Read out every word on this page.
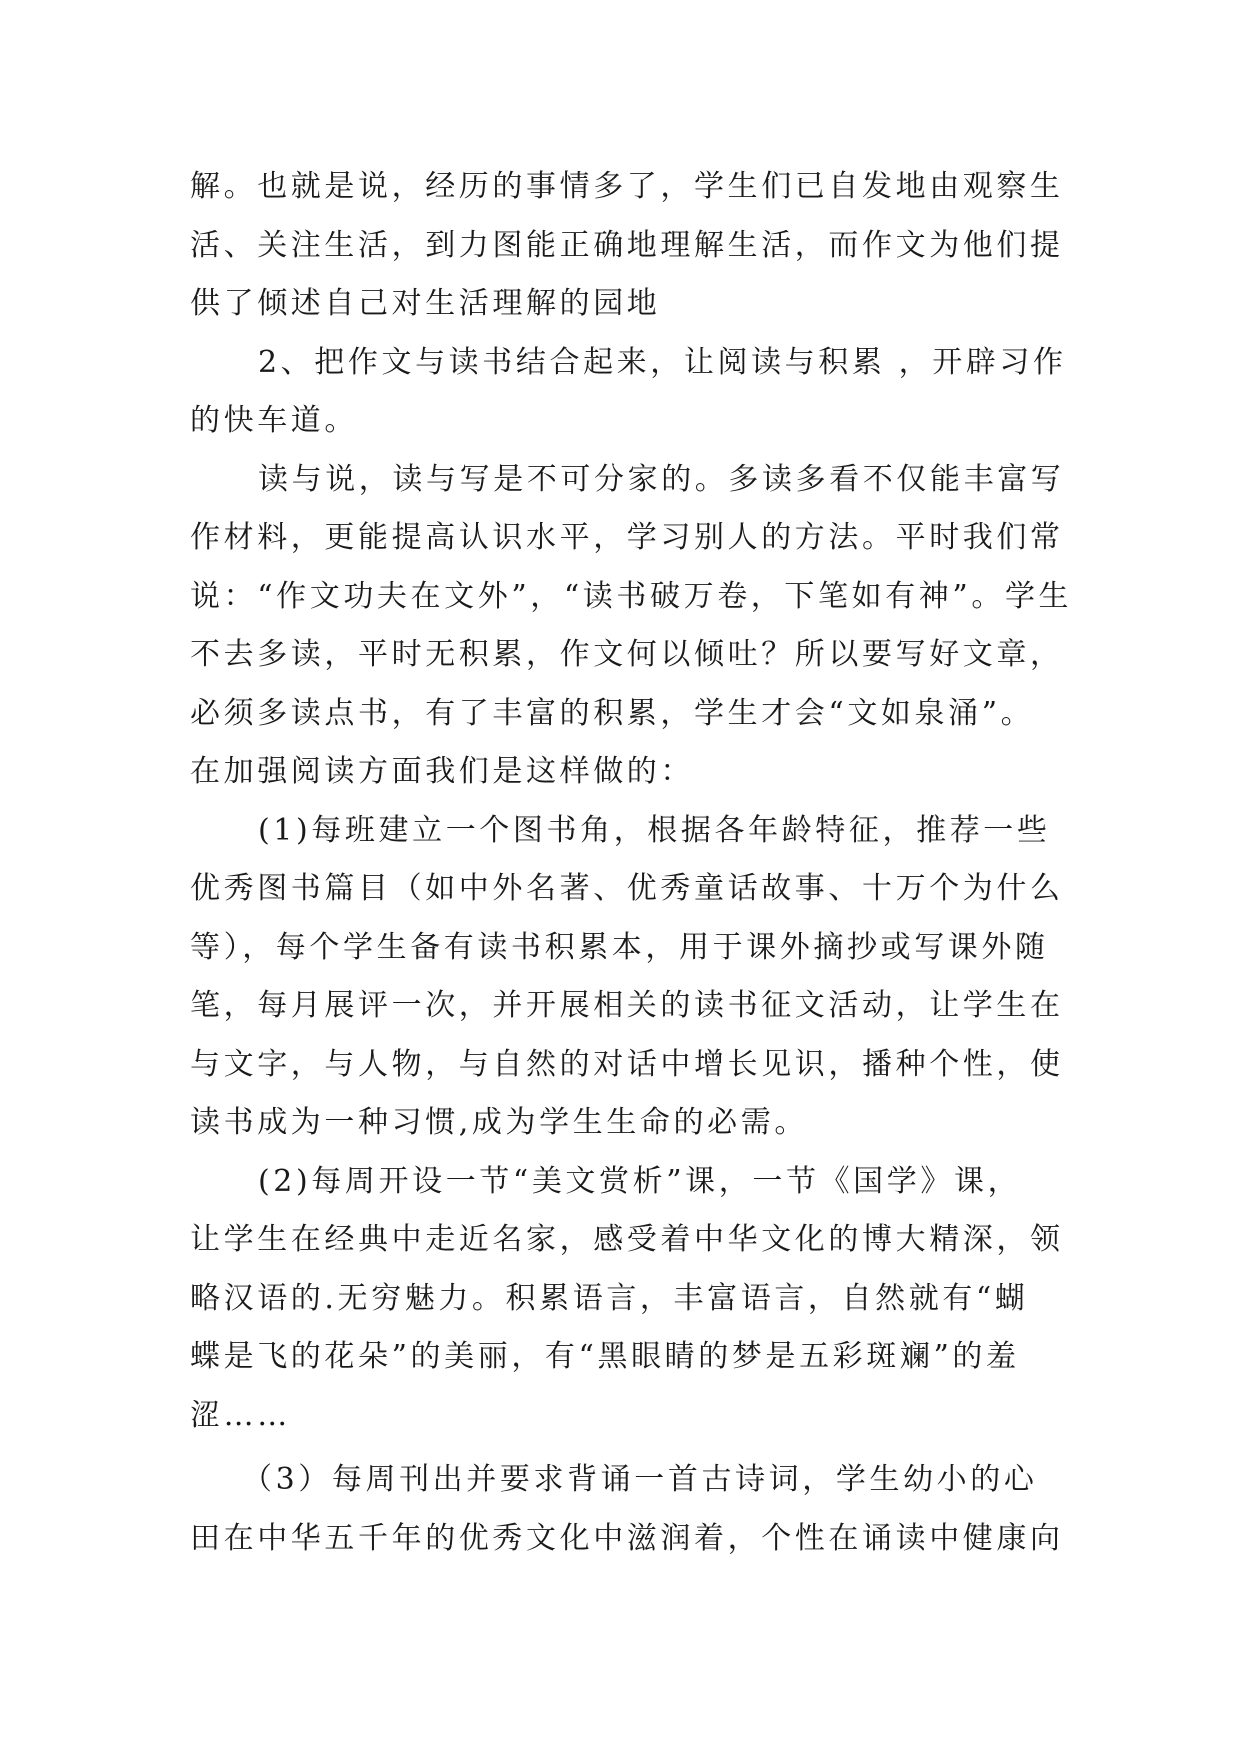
解。也就是说，经历的事情多了，学生们已自发地由观察生
活、关注生活，到力图能正确地理解生活，而作文为他们提
供了倾述自己对生活理解的园地

2、把作文与读书结合起来，让阅读与积累 ，开辟习作
的快车道。

读与说，读与写是不可分家的。多读多看不仅能丰富写
作材料，更能提高认识水平，学习别人的方法。平时我们常
说：“作文功夫在文外”，“读书破万卷，下笔如有神”。学生
不去多读，平时无积累，作文何以倾吐？所以要写好文章，
必须多读点书，有了丰富的积累，学生才会“文如泉涌”。
在加强阅读方面我们是这样做的：

(1)每班建立一个图书角，根据各年龄特征，推荐一些
优秀图书篇目（如中外名著、优秀童话故事、十万个为什么
等），每个学生备有读书积累本，用于课外摘抄或写课外随
笔，每月展评一次，并开展相关的读书征文活动，让学生在
与文字，与人物，与自然的对话中增长见识，播种个性，使
读书成为一种习惯,成为学生生命的必需。

(2)每周开设一节“美文赏析”课，一节《国学》课，
让学生在经典中走近名家，感受着中华文化的博大精深，领
略汉语的.无穷魅力。积累语言，丰富语言，自然就有“蝴
蝶是飞的花朵”的美丽，有“黑眼睛的梦是五彩斑斓”的羞
涩……

（3）每周刊出并要求背诵一首古诗词，学生幼小的心
田在中华五千年的优秀文化中滋润着，个性在诵读中健康向
